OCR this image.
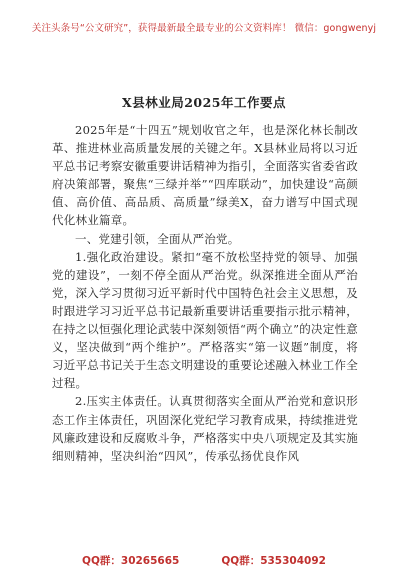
关注头条号“公文研究”，获得最新最全最专业的公文资料库！ 微信：gongwenyj
X县林业局2025年工作要点

2025年是“十四五”规划收官之年，也是深化林长制改革、推进林业高质量发展的关键之年。X县林业局将以习近平总书记考察安徽重要讲话精神为指引，全面落实省委省政府决策部署，聚焦“三绿并举”“四库联动”，加快建设“高颜值、高价值、高品质、高质量”绿美X，奋力谱写中国式现代化林业篇章。

一、党建引领，全面从严治党。

1.强化政治建设。紧扣“毫不放松坚持党的领导、加强党的建设”，一刻不停全面从严治党。纵深推进全面从严治党，深入学习贯彻习近平新时代中国特色社会主义思想，及时跟进学习习近平总书记最新重要讲话重要指示批示精神，在持之以恒强化理论武装中深刻领悟“两个确立”的决定性意义，坚决做到“两个维护”。严格落实“第一议题”制度，将习近平总书记关于生态文明建设的重要论述融入林业工作全过程。

2.压实主体责任。认真贯彻落实全面从严治党和意识形态工作主体责任，巩固深化党纪学习教育成果，持续推进党风廉政建设和反腐败斗争，严格落实中央八项规定及其实施细则精神，坚决纠治“四风”，传承弘扬优良作风

QQ群：30265665	QQ群：535304092
